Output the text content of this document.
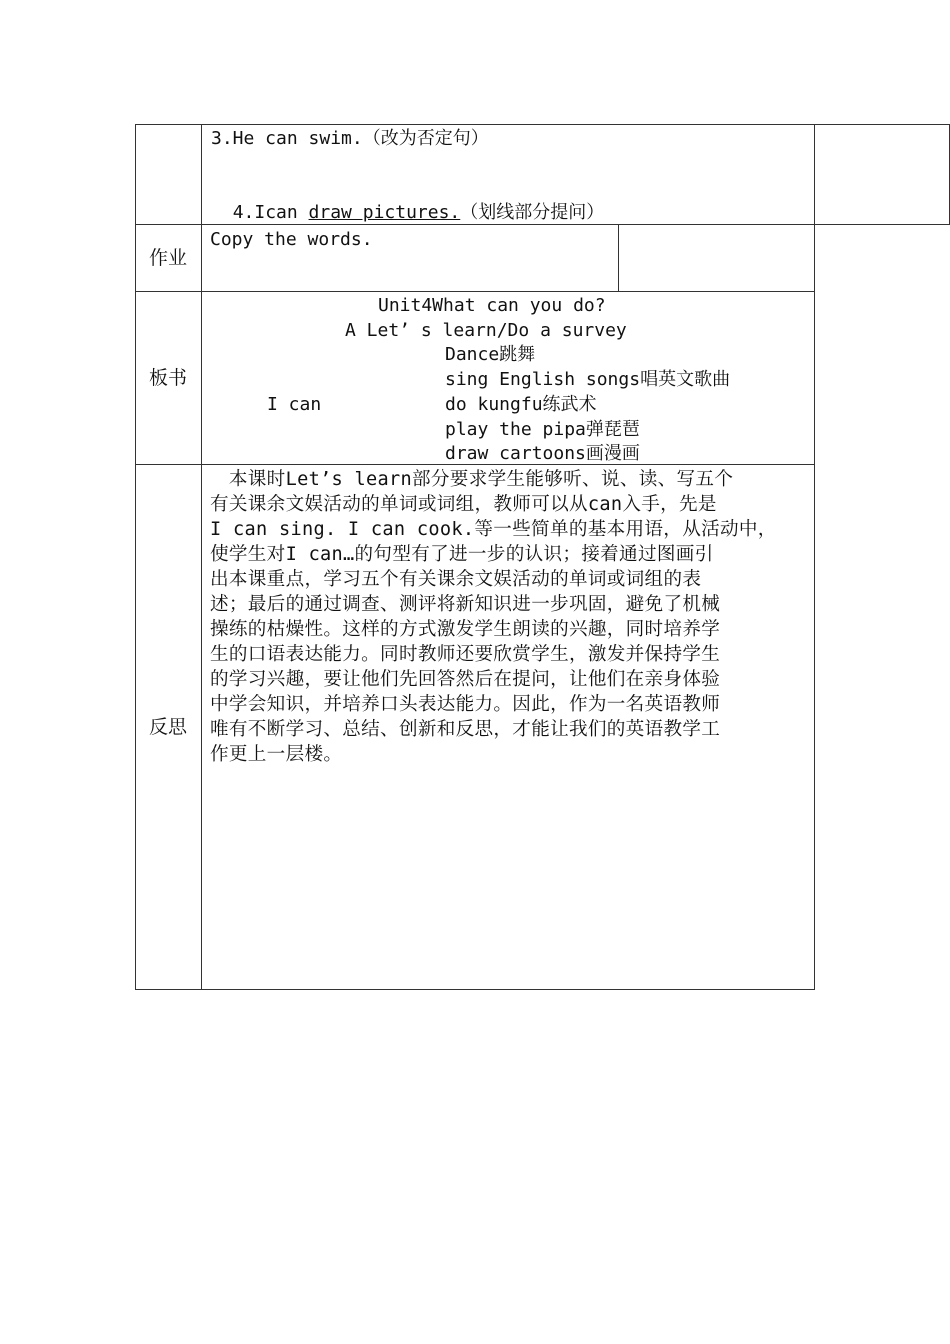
3.He can swim.（改为否定句）

4.Ican draw pictures.（划线部分提问）

作业
Copy the words.
板书
Unit4What can you do?
A Let’ s learn/Do a survey
I can
Dance跳舞
sing English songs唱英文歌曲
do kungfu练武术
play the pipa弹琵琶
draw cartoons画漫画
反思

　本课时Let’s learn部分要求学生能够听、说、读、写五个

有关课余文娱活动的单词或词组，教师可以从can入手，先是

I can sing. I can cook.等一些简单的基本用语，从活动中，

使学生对I can…的句型有了进一步的认识；接着通过图画引

出本课重点，学习五个有关课余文娱活动的单词或词组的表

述；最后的通过调查、测评将新知识进一步巩固，避免了机械

操练的枯燥性。这样的方式激发学生朗读的兴趣，同时培养学

生的口语表达能力。同时教师还要欣赏学生，激发并保持学生

的学习兴趣，要让他们先回答然后在提问，让他们在亲身体验

中学会知识，并培养口头表达能力。因此，作为一名英语教师

唯有不断学习、总结、创新和反思，才能让我们的英语教学工

作更上一层楼。
